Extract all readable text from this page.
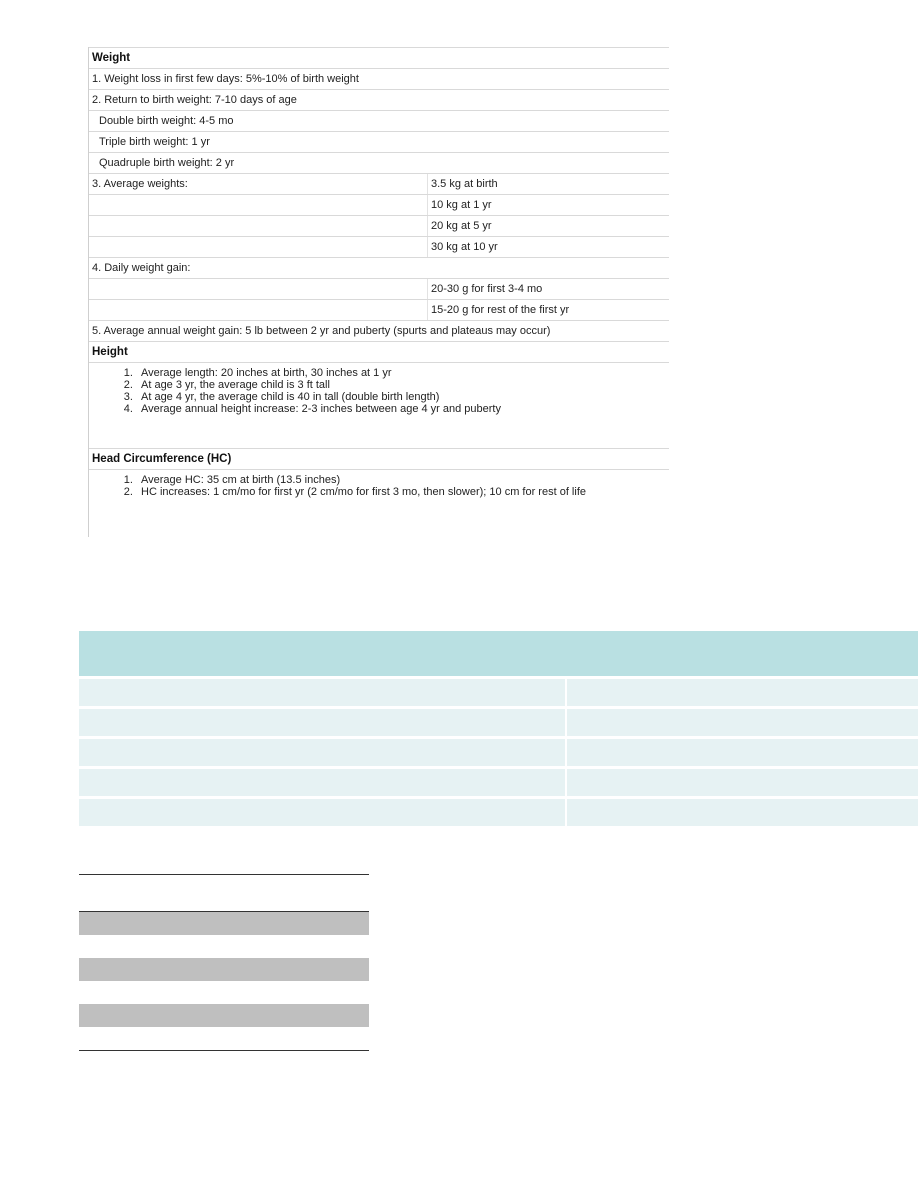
Weight
1. Weight loss in first few days: 5%-10% of birth weight
2. Return to birth weight: 7-10 days of age
Double birth weight: 4-5 mo
Triple birth weight: 1 yr
Quadruple birth weight: 2 yr
3. Average weights:	3.5 kg at birth
10 kg at 1 yr
20 kg at 5 yr
30 kg at 10 yr
4. Daily weight gain:
20-30 g for first 3-4 mo
15-20 g for rest of the first yr
5. Average annual weight gain: 5 lb between 2 yr and puberty (spurts and plateaus may occur)
Height
1. Average length: 20 inches at birth, 30 inches at 1 yr
2. At age 3 yr, the average child is 3 ft tall
3. At age 4 yr, the average child is 40 in tall (double birth length)
4. Average annual height increase: 2-3 inches between age 4 yr and puberty
Head Circumference (HC)
1. Average HC: 35 cm at birth (13.5 inches)
2. HC increases: 1 cm/mo for first yr (2 cm/mo for first 3 mo, then slower); 10 cm for rest of life
